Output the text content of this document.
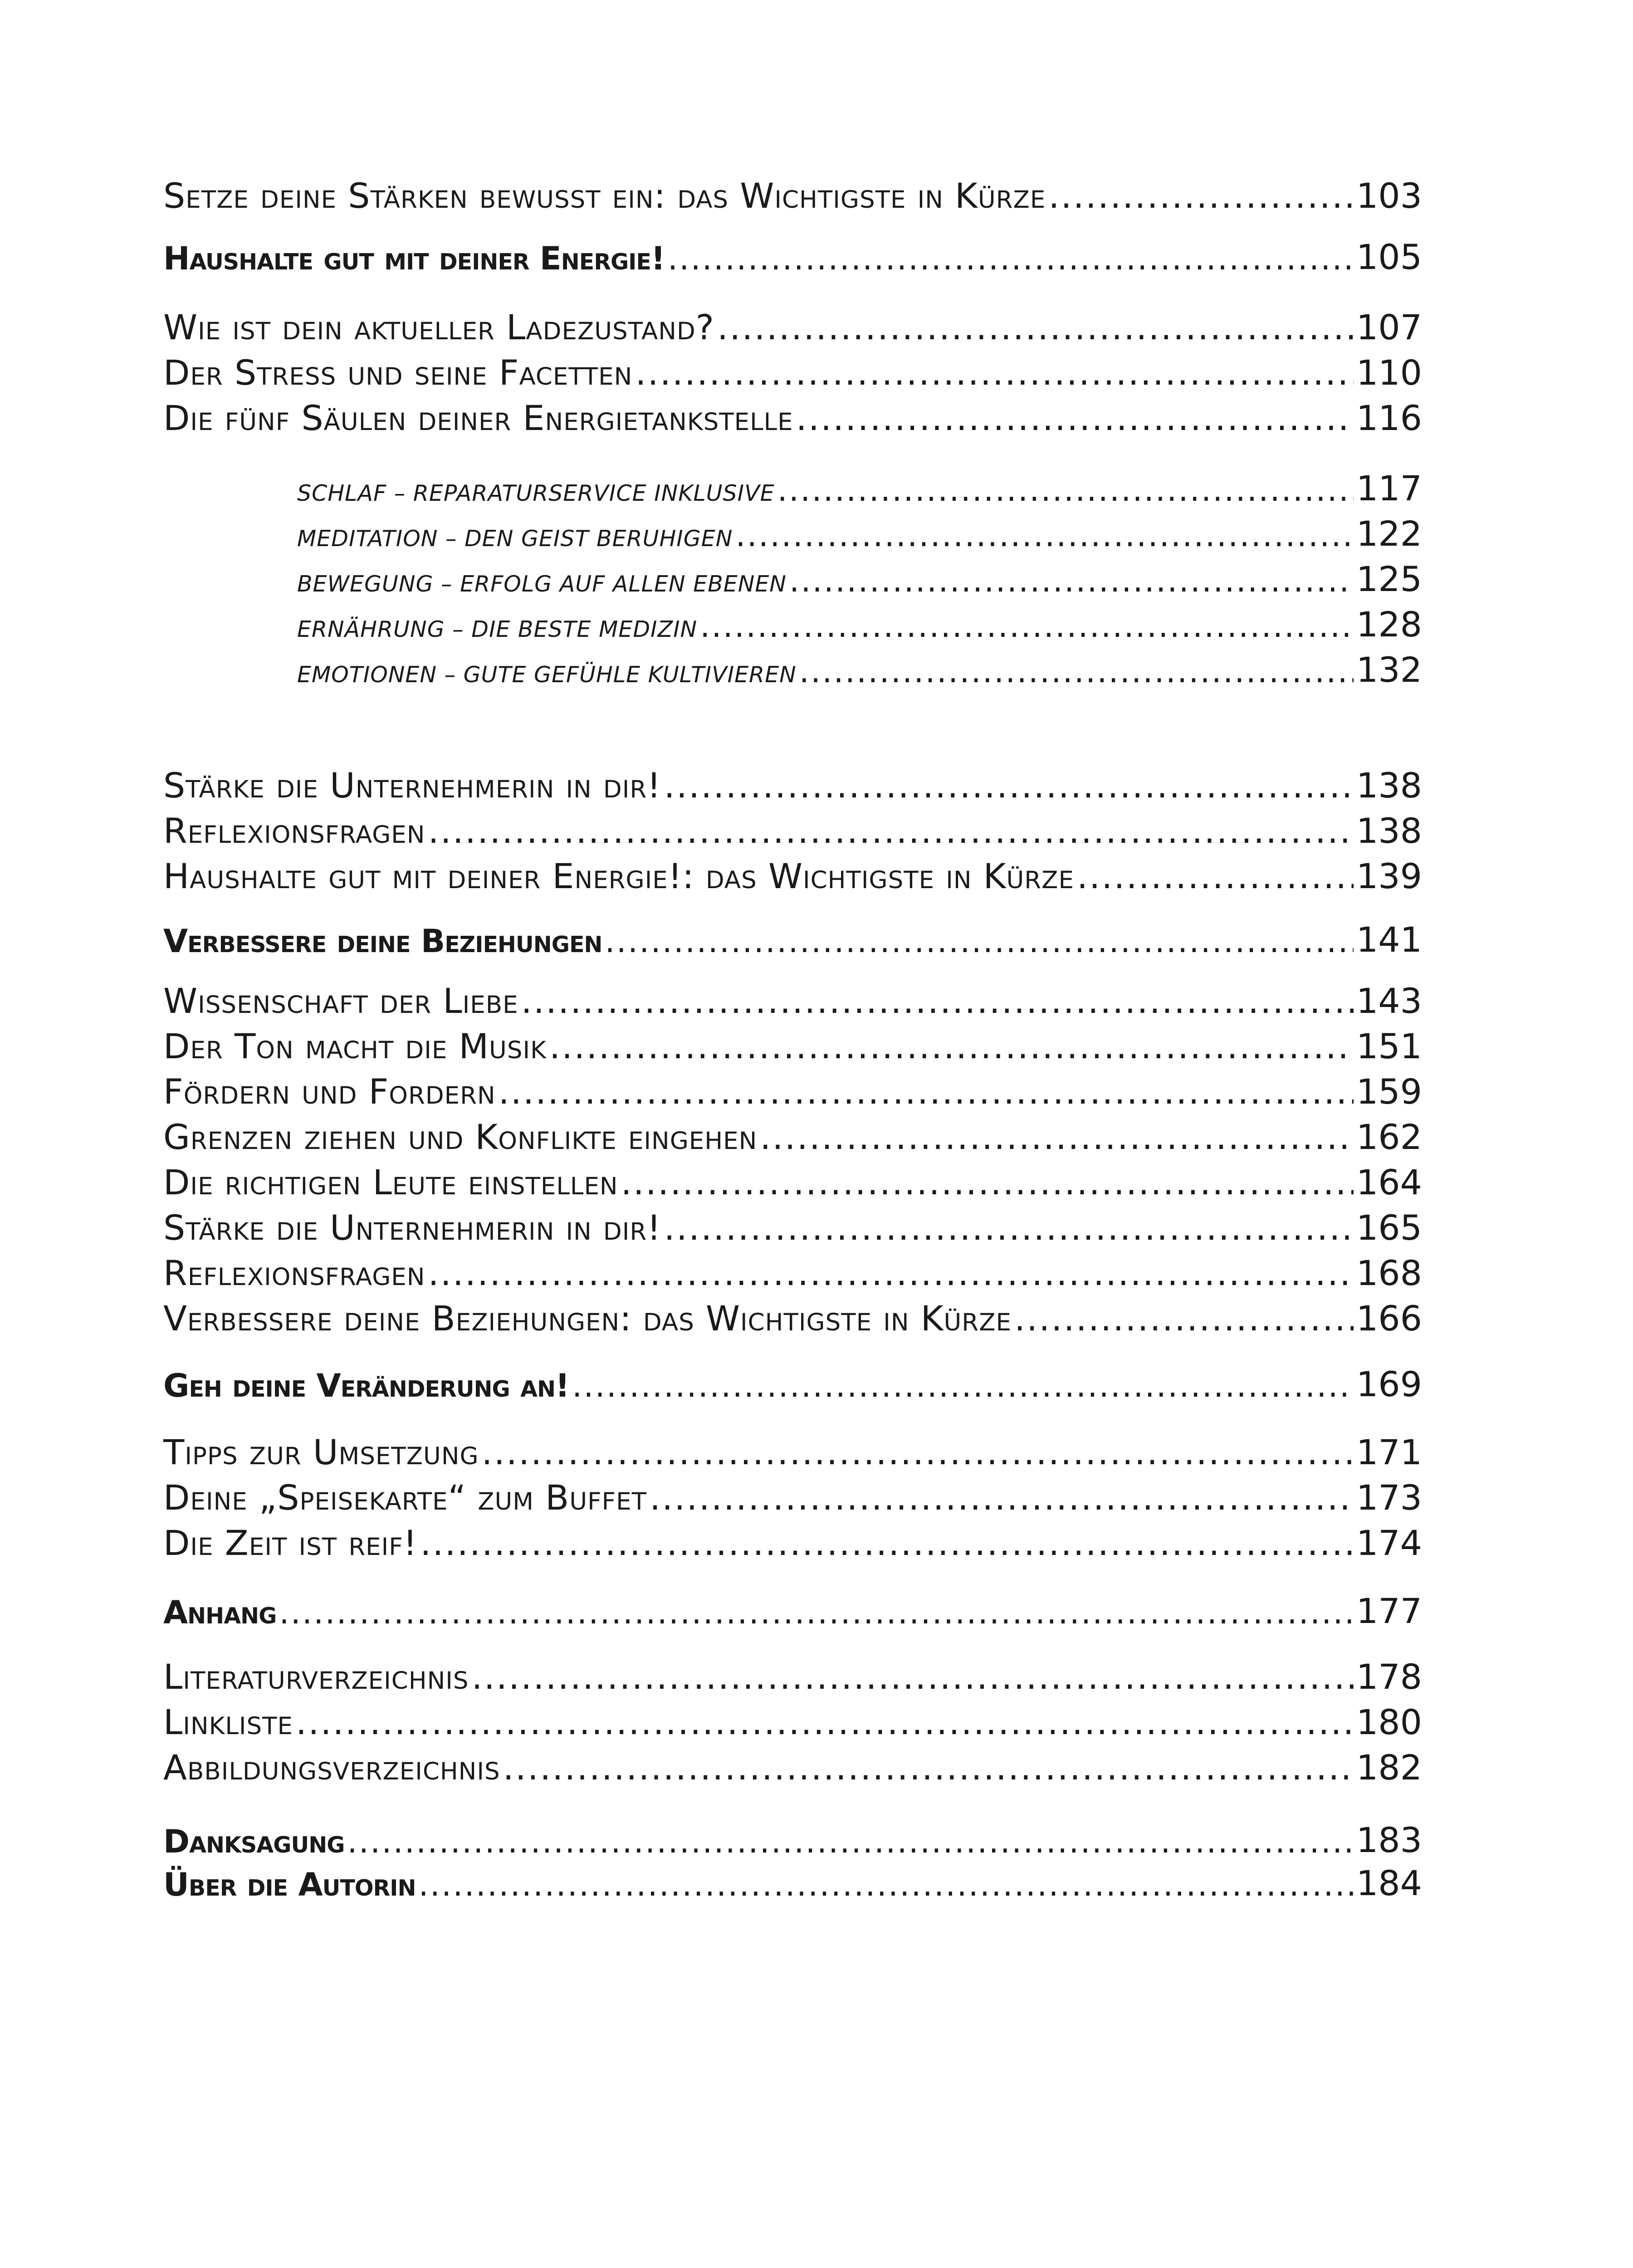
Setze deine Stärken bewusst ein: das Wichtigste in Kürze .....	103
Haushalte gut mit deiner Energie! .....	105
Wie ist dein aktueller Ladezustand? .....	107
Der Stress und seine Facetten .....	110
Die fünf Säulen deiner Energietankstelle .....	116
Schlaf – Reparaturservice inklusive .....	117
Meditation – den Geist beruhigen .....	122
Bewegung – Erfolg auf allen Ebenen .....	125
Ernährung – die beste Medizin .....	128
Emotionen – gute Gefühle kultivieren .....	132
Stärke die Unternehmerin in dir! .....	138
Reflexionsfragen .....	138
Haushalte gut mit deiner Energie!: das Wichtigste in Kürze .....	139
Verbessere deine Beziehungen .....	141
Wissenschaft der Liebe .....	143
Der Ton macht die Musik .....	151
Fördern und Fordern .....	159
Grenzen ziehen und Konflikte eingehen .....	162
Die richtigen Leute einstellen .....	164
Stärke die Unternehmerin in dir! .....	165
Reflexionsfragen .....	168
Verbessere deine Beziehungen: das Wichtigste in Kürze .....	166
Geh deine Veränderung an! .....	169
Tipps zur Umsetzung .....	171
Deine „Speisekarte“ zum Buffet .....	173
Die Zeit ist reif! .....	174
Anhang .....	177
Literaturverzeichnis .....	178
Linkliste .....	180
Abbildungsverzeichnis .....	182
Danksagung .....	183
Über die Autorin .....	184
